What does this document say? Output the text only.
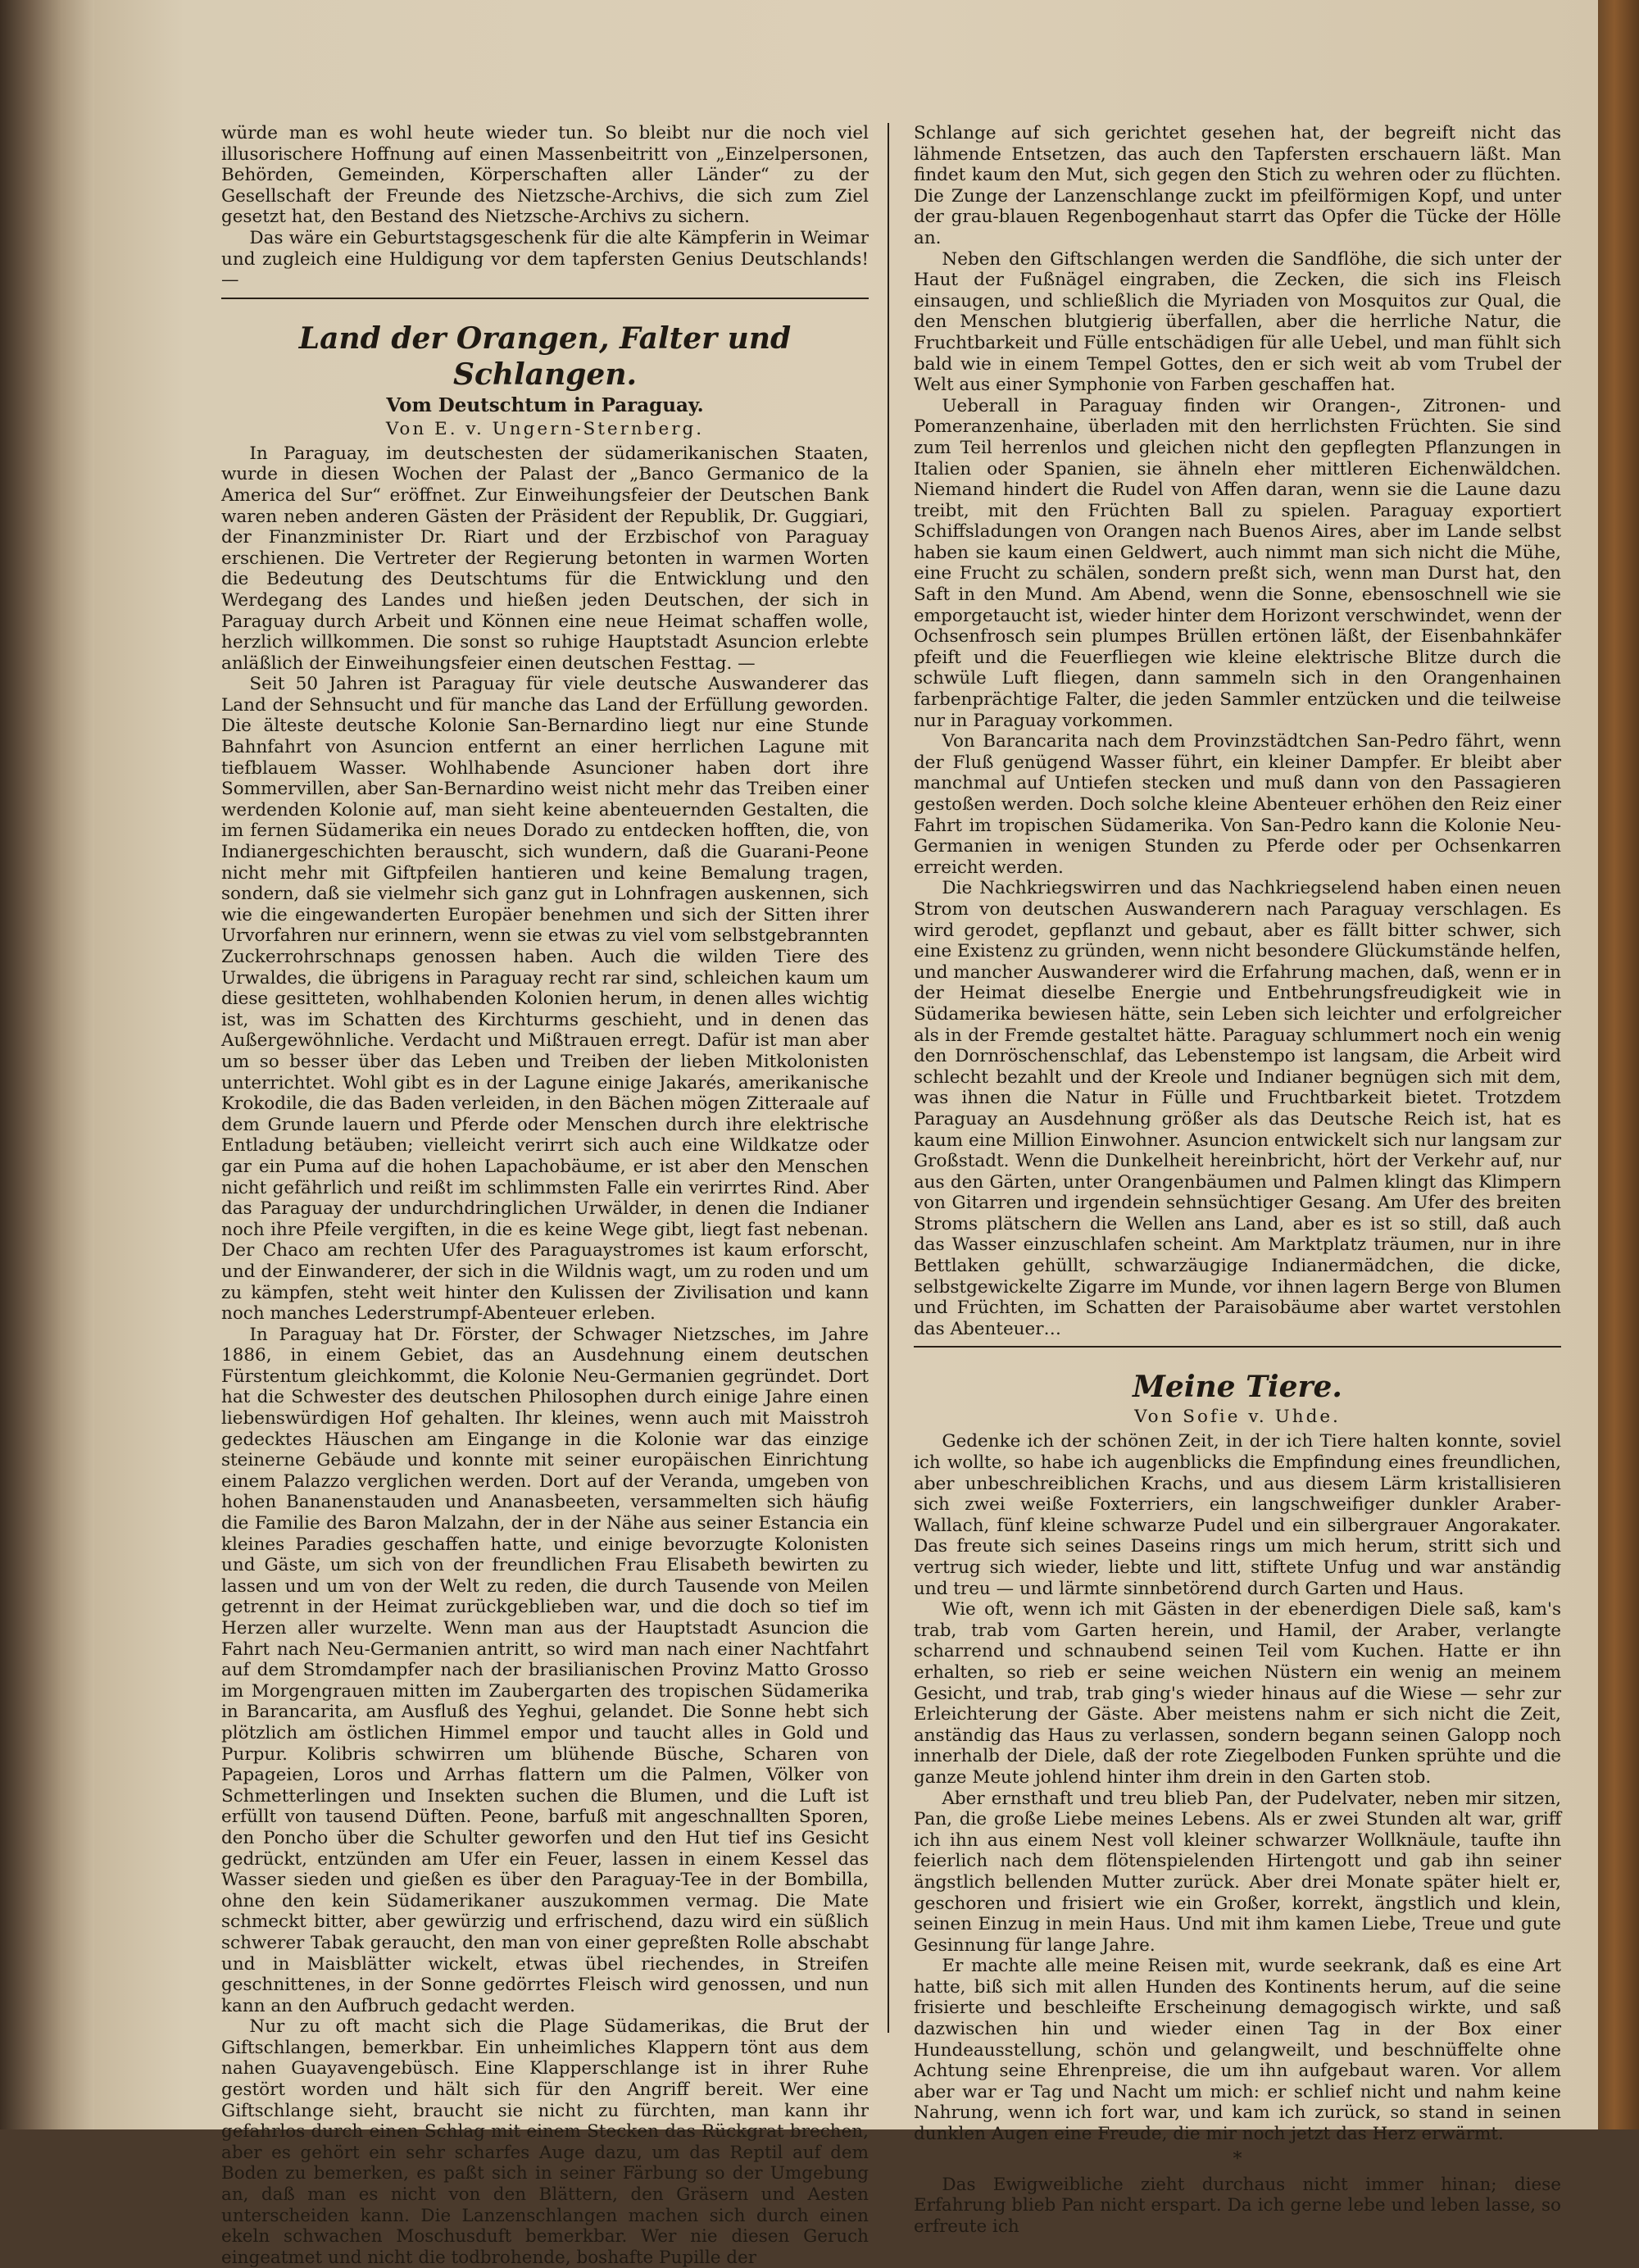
würde man es wohl heute wieder tun. So bleibt nur die noch viel illusorischere Hoffnung auf einen Massenbeitritt von „Einzelpersonen, Behörden, Gemeinden, Körperschaften aller Länder“ zu der Gesellschaft der Freunde des Nietzsche-Archivs, die sich zum Ziel gesetzt hat, den Bestand des Nietzsche-Archivs zu sichern.

Das wäre ein Geburtstagsgeschenk für die alte Kämpferin in Weimar und zugleich eine Huldigung vor dem tapfersten Genius Deutschlands! —

Land der Orangen, Falter und Schlangen.
Vom Deutschtum in Paraguay.
Von E. v. Ungern-Sternberg.

In Paraguay, im deutschesten der südamerikanischen Staaten, wurde in diesen Wochen der Palast der „Banco Germanico de la America del Sur“ eröffnet. Zur Einweihungsfeier der Deutschen Bank waren neben anderen Gästen der Präsident der Republik, Dr. Guggiari, der Finanzminister Dr. Riart und der Erzbischof von Paraguay erschienen. Die Vertreter der Regierung betonten in warmen Worten die Bedeutung des Deutschtums für die Entwicklung und den Werdegang des Landes und hießen jeden Deutschen, der sich in Paraguay durch Arbeit und Können eine neue Heimat schaffen wolle, herzlich willkommen. Die sonst so ruhige Hauptstadt Asuncion erlebte anläßlich der Einweihungsfeier einen deutschen Festtag. —

Seit 50 Jahren ist Paraguay für viele deutsche Auswanderer das Land der Sehnsucht und für manche das Land der Erfüllung geworden. Die älteste deutsche Kolonie San-Bernardino liegt nur eine Stunde Bahnfahrt von Asuncion entfernt an einer herrlichen Lagune mit tiefblauem Wasser. Wohlhabende Asuncioner haben dort ihre Sommervillen, aber San-Bernardino weist nicht mehr das Treiben einer werdenden Kolonie auf, man sieht keine abenteuerndеn Gestalten, die im fernen Südamerika ein neues Dorado zu entdecken hofften, die, von Indianergeschichten berauscht, sich wundern, daß die Guarani-Peone nicht mehr mit Giftpfeilen hantieren und keine Bemalung tragen, sondern, daß sie vielmehr sich ganz gut in Lohnfragen auskennen, sich wie die eingewanderten Europäer benehmen und sich der Sitten ihrer Urvorfahren nur erinnern, wenn sie etwas zu viel vom selbstgebrannten Zuckerrohrschnaps genossen haben. Auch die wilden Tiere des Urwaldes, die übrigens in Paraguay recht rar sind, schleichen kaum um diese gesitteten, wohlhabenden Kolonien herum, in denen alles wichtig ist, was im Schatten des Kirchturms geschieht, und in denen das Außergewöhnliche. Verdacht und Mißtrauen erregt. Dafür ist man aber um so besser über das Leben und Treiben der lieben Mitkolonisten unterrichtet. Wohl gibt es in der Lagune einige Jakarés, amerikanische Krokodile, die das Baden verleiden, in den Bächen mögen Zitteraale auf dem Grunde lauern und Pferde oder Menschen durch ihre elektrische Entladung betäuben; vielleicht verirrt sich auch eine Wildkatze oder gar ein Puma auf die hohen Lapachobäume, er ist aber den Menschen nicht gefährlich und reißt im schlimmsten Falle ein verirrtes Rind. Aber das Paraguay der undurchdringlichen Urwälder, in denen die Indianer noch ihre Pfeile vergiften, in die es keine Wege gibt, liegt fast nebenan. Der Chaco am rechten Ufer des Paraguaystromes ist kaum erforscht, und der Einwanderer, der sich in die Wildnis wagt, um zu roden und um zu kämpfen, steht weit hinter den Kulissen der Zivilisation und kann noch manches Lederstrumpf-Abenteuer erleben.

In Paraguay hat Dr. Förster, der Schwager Nietzsches, im Jahre 1886, in einem Gebiet, das an Ausdehnung einem deutschen Fürstentum gleichkommt, die Kolonie Neu-Germanien gegründet. Dort hat die Schwester des deutschen Philosophen durch einige Jahre einen liebenswürdigen Hof gehalten. Ihr kleines, wenn auch mit Maisstroh gedecktes Häuschen am Eingange in die Kolonie war das einzige steinerne Gebäude und konnte mit seiner europäischen Einrichtung einem Palazzo verglichen werden. Dort auf der Veranda, umgeben von hohen Bananenstauden und Ananasbeeten, versammelten sich häufig die Familie des Baron Malzahn, der in der Nähe aus seiner Estancia ein kleines Paradies geschaffen hatte, und einige bevorzugte Kolonisten und Gäste, um sich von der freundlichen Frau Elisabeth bewirten zu lassen und um von der Welt zu reden, die durch Tausende von Meilen getrennt in der Heimat zurückgeblieben war, und die doch so tief im Herzen aller wurzelte. Wenn man aus der Hauptstadt Asuncion die Fahrt nach Neu-Germanien antritt, so wird man nach einer Nachtfahrt auf dem Stromdampfer nach der brasilianischen Provinz Matto Grosso im Morgengrauen mitten im Zaubergarten des tropischen Südamerika in Barancarita, am Ausfluß des Yeghui, gelandet. Die Sonne hebt sich plötzlich am östlichen Himmel empor und taucht alles in Gold und Purpur. Kolibris schwirren um blühende Büsche, Scharen von Papageien, Loros und Arrhas flattern um die Palmen, Völker von Schmetterlingen und Insekten suchen die Blumen, und die Luft ist erfüllt von tausend Düften. Peone, barfuß mit angeschnallten Sporen, den Poncho über die Schulter geworfen und den Hut tief ins Gesicht gedrückt, entzünden am Ufer ein Feuer, lassen in einem Kessel das Wasser sieden und gießen es über den Paraguay-Tee in der Bombilla, ohne den kein Südamerikaner auszukommen vermag. Die Mate schmeckt bitter, aber gewürzig und erfrischend, dazu wird ein süßlich schwerer Tabak geraucht, den man von einer gepreßten Rolle abschabt und in Maisblätter wickelt, etwas übel riechendes, in Streifen geschnittenes, in der Sonne gedörrtes Fleisch wird genossen, und nun kann an den Aufbruch gedacht werden.

Nur zu oft macht sich die Plage Südamerikas, die Brut der Giftschlangen, bemerkbar. Ein unheimliches Klappern tönt aus dem nahen Guayavengebüsch. Eine Klapperschlange ist in ihrer Ruhe gestört worden und hält sich für den Angriff bereit. Wer eine Giftschlange sieht, braucht sie nicht zu fürchten, man kann ihr gefahrlos durch einen Schlag mit einem Stecken das Rückgrat brechen, aber es gehört ein sehr scharfes Auge dazu, um das Reptil auf dem Boden zu bemerken, es paßt sich in seiner Färbung so der Umgebung an, daß man es nicht von den Blättern, den Gräsern und Aesten unterscheiden kann. Die Lanzenschlangen machen sich durch einen ekeln schwachen Moschusduft bemerkbar. Wer nie diesen Geruch eingeatmet und nicht die todbrohende, boshafte Pupille der

Schlange auf sich gerichtet gesehen hat, der begreift nicht das lähmende Entsetzen, das auch den Tapfersten erschauern läßt. Man findet kaum den Mut, sich gegen den Stich zu wehren oder zu flüchten. Die Zunge der Lanzenschlange zuckt im pfeilförmigen Kopf, und unter der grau-blauen Regenbogenhaut starrt das Opfer die Tücke der Hölle an.

Neben den Giftschlangen werden die Sandflöhe, die sich unter der Haut der Fußnägel eingraben, die Zecken, die sich ins Fleisch einsaugen, und schließlich die Myriaden von Mosquitos zur Qual, die den Menschen blutgierig überfallen, aber die herrliche Natur, die Fruchtbarkeit und Fülle entschädigen für alle Uebel, und man fühlt sich bald wie in einem Tempel Gottes, den er sich weit ab vom Trubel der Welt aus einer Symphonie von Farben geschaffen hat.

Ueberall in Paraguay finden wir Orangen-, Zitronen- und Pomeranzenhaine, überladen mit den herrlichsten Früchten. Sie sind zum Teil herrenlos und gleichen nicht den gepflegten Pflanzungen in Italien oder Spanien, sie ähneln eher mittleren Eichenwäldchen. Niemand hindert die Rudel von Affen daran, wenn sie die Laune dazu treibt, mit den Früchten Ball zu spielen. Paraguay exportiert Schiffsladungen von Orangen nach Buenos Aires, aber im Lande selbst haben sie kaum einen Geldwert, auch nimmt man sich nicht die Mühe, eine Frucht zu schälen, sondern preßt sich, wenn man Durst hat, den Saft in den Mund. Am Abend, wenn die Sonne, ebensoschnell wie sie emporgetaucht ist, wieder hinter dem Horizont verschwindet, wenn der Ochsenfrosch sein plumpes Brüllen ertönen läßt, der Eisenbahnkäfer pfeift und die Feuerfliegen wie kleine elektrische Blitze durch die schwüle Luft fliegen, dann sammeln sich in den Orangenhainen farbenprächtige Falter, die jeden Sammler entzücken und die teilweise nur in Paraguay vorkommen.

Von Barancarita nach dem Provinzstädtchen San-Pedro fährt, wenn der Fluß genügend Wasser führt, ein kleiner Dampfer. Er bleibt aber manchmal auf Untiefen stecken und muß dann von den Passagieren gestoßen werden. Doch solche kleine Abenteuer erhöhen den Reiz einer Fahrt im tropischen Südamerika. Von San-Pedro kann die Kolonie Neu-Germanien in wenigen Stunden zu Pferde oder per Ochsenkarren erreicht werden.

Die Nachkriegswirren und das Nachkriegselend haben einen neuen Strom von deutschen Auswanderern nach Paraguay verschlagen. Es wird gerodet, gepflanzt und gebaut, aber es fällt bitter schwer, sich eine Existenz zu gründen, wenn nicht besondere Glückumstände helfen, und mancher Auswanderer wird die Erfahrung machen, daß, wenn er in der Heimat dieselbe Energie und Entbehrungsfreudigkeit wie in Südamerika bewiesen hätte, sein Leben sich leichter und erfolgreicher als in der Fremde gestaltet hätte. Paraguay schlummert noch ein wenig den Dornröschenschlaf, das Lebenstempo ist langsam, die Arbeit wird schlecht bezahlt und der Kreole und Indianer begnügen sich mit dem, was ihnen die Natur in Fülle und Fruchtbarkeit bietet. Trotzdem Paraguay an Ausdehnung größer als das Deutsche Reich ist, hat es kaum eine Million Einwohner. Asuncion entwickelt sich nur langsam zur Großstadt. Wenn die Dunkelheit hereinbricht, hört der Verkehr auf, nur aus den Gärten, unter Orangenbäumen und Palmen klingt das Klimpern von Gitarren und irgendein sehnsüchtiger Gesang. Am Ufer des breiten Stroms plätschern die Wellen ans Land, aber es ist so still, daß auch das Wasser einzuschlafen scheint. Am Marktplatz träumen, nur in ihre Bettlaken gehüllt, schwarzäugige Indianermädchen, die dicke, selbstgewickelte Zigarre im Munde, vor ihnen lagern Berge von Blumen und Früchten, im Schatten der Paraisobäume aber wartet verstohlen das Abenteuer…

Meine Tiere.
Von Sofie v. Uhde.

Gedenke ich der schönen Zeit, in der ich Tiere halten konnte, soviel ich wollte, so habe ich augenblicks die Empfindung eines freundlichen, aber unbeschreiblichen Krachs, und aus diesem Lärm kristallisieren sich zwei weiße Foxterriers, ein langschweifiger dunkler Araber-Wallach, fünf kleine schwarze Pudel und ein silbergrauer Angorakater. Das freute sich seines Daseins rings um mich herum, stritt sich und vertrug sich wieder, liebte und litt, stiftete Unfug und war anständig und treu — und lärmte sinnbetörend durch Garten und Haus.

Wie oft, wenn ich mit Gästen in der ebenerdigen Diele saß, kam's trab, trab vom Garten herein, und Hamil, der Araber, verlangte scharrend und schnaubend seinen Teil vom Kuchen. Hatte er ihn erhalten, so rieb er seine weichen Nüstern ein wenig an meinem Gesicht, und trab, trab ging's wieder hinaus auf die Wiese — sehr zur Erleichterung der Gäste. Aber meistens nahm er sich nicht die Zeit, anständig das Haus zu verlassen, sondern begann seinen Galopp noch innerhalb der Diele, daß der rote Ziegelboden Funken sprühte und die ganze Meute johlend hinter ihm drein in den Garten stob.

Aber ernsthaft und treu blieb Pan, der Pudelvater, neben mir sitzen, Pan, die große Liebe meines Lebens. Als er zwei Stunden alt war, griff ich ihn aus einem Nest voll kleiner schwarzer Wollknäule, taufte ihn feierlich nach dem flötenspielenden Hirtengott und gab ihn seiner ängstlich bellenden Mutter zurück. Aber drei Monate später hielt er, geschoren und frisiert wie ein Großer, korrekt, ängstlich und klein, seinen Einzug in mein Haus. Und mit ihm kamen Liebe, Treue und gute Gesinnung für lange Jahre.

Er machte alle meine Reisen mit, wurde seekrank, daß es eine Art hatte, biß sich mit allen Hunden des Kontinents herum, auf die seine frisierte und beschleifte Erscheinung demagogisch wirkte, und saß dazwischen hin und wieder einen Tag in der Box einer Hundeausstellung, schön und gelangweilt, und beschnüffelte ohne Achtung seine Ehrenpreise, die um ihn aufgebaut waren. Vor allem aber war er Tag und Nacht um mich: er schlief nicht und nahm keine Nahrung, wenn ich fort war, und kam ich zurück, so stand in seinen dunklen Augen eine Freude, die mir noch jetzt das Herz erwärmt.

*

Das Ewigweibliche zieht durchaus nicht immer hinan; diese Erfahrung blieb Pan nicht erspart. Da ich gerne lebe und leben lasse, so erfreute ich
